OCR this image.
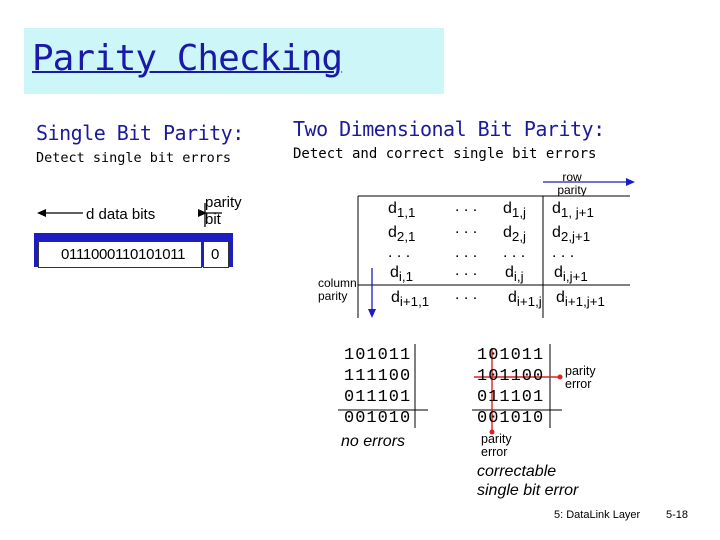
Parity Checking
Single Bit Parity:
Detect single bit errors
d data bits
parity
bit
0111000110101011 0
Two Dimensional Bit Parity:
Detect and correct single bit errors
row
parity
column
parity
$d_{1,1}$ . . . $d_{1,j}$ $d_{1, j+1}$
$d_{2,1}$ . . . $d_{2,j}$ $d_{2,j+1}$
. . .	. . . . . . . . .
$d_{i,1}$	. . . $d_{i,j}$ $d_{i,j+1}$
$d_{i+1,1}$ . . . $d_{i+1,j}$ $d_{i+1,j+1}$
101011
111100
011101
001010
no errors
101011
101100
011101
001010
parity
error
parity
error
correctable
single bit error
5: DataLink Layer 5-18
